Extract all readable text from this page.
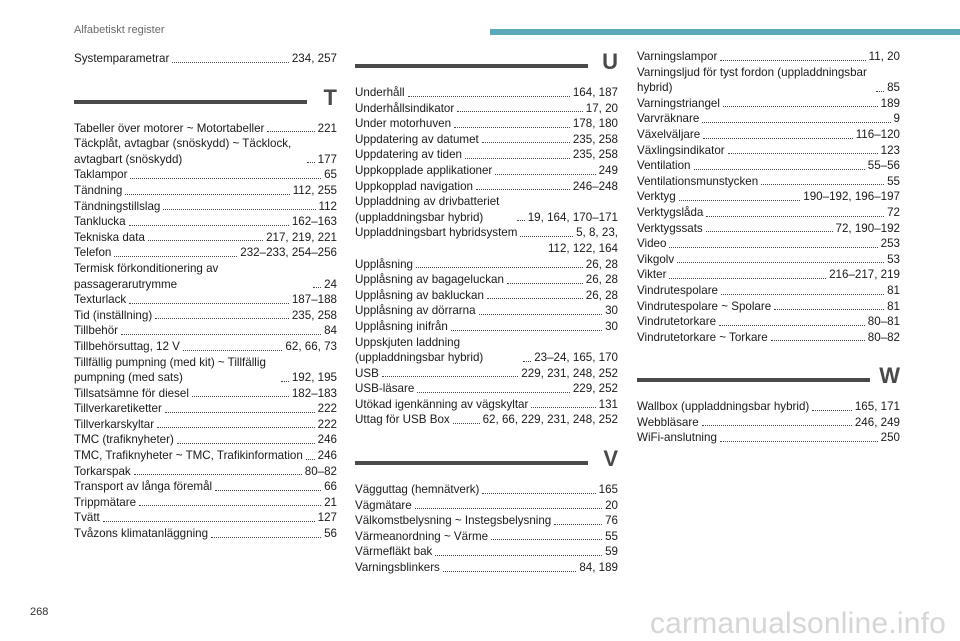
Alfabetiskt register
Systemparametrar	234, 257
T
Tabeller över motorer ~ Motortabeller	221
Täckplåt, avtagbar (snöskydd) ~ Täcklock, avtagbart (snöskydd)	177
Taklampor	65
Tändning	112, 255
Tändningstillslag	112
Tanklucka	162–163
Tekniska data	217, 219, 221
Telefon	232–233, 254–256
Termisk förkonditionering av passagerarutrymme	24
Texturlack	187–188
Tid (inställning)	235, 258
Tillbehör	84
Tillbehörsuttag, 12 V	62, 66, 73
Tillfällig pumpning (med kit) ~ Tillfällig pumpning (med sats)	192, 195
Tillsatsämne för diesel	182–183
Tillverkaretiketter	222
Tillverkarskyltar	222
TMC (trafiknyheter)	246
TMC, Trafiknyheter ~ TMC, Trafikinformation 246
Torkarspak	80–82
Transport av långa föremål	66
Trippmätare	21
Tvätt	127
Tvåzons klimatanläggning	56
U
Underhåll	164, 187
Underhållsindikator	17, 20
Under motorhuven	178, 180
Uppdatering av datumet	235, 258
Uppdatering av tiden	235, 258
Uppkopplade applikationer	249
Uppkopplad navigation	246–248
Uppladdning av drivbatteriet (uppladdningsbar hybrid)	19, 164, 170–171
Uppladdningsbart hybridsystem	5, 8, 23,
112, 122, 164
Upplåsning	26, 28
Upplåsning av bagageluckan	26, 28
Upplåsning av bakluckan	26, 28
Upplåsning av dörrarna	30
Upplåsning inifrån	30
Uppskjuten laddning (uppladdningsbar hybrid)	23–24, 165, 170
USB	229, 231, 248, 252
USB-läsare	229, 252
Utökad igenkänning av vägskyltar	131
Uttag för USB Box	62, 66, 229, 231, 248, 252
V
Vägguttag (hemnätverk)	165
Vägmätare	20
Välkomstbelysning ~ Instegsbelysning	76
Värmeanordning ~ Värme	55
Värmefläkt bak	59
Varningsblinkers	84, 189
Varningslampor	11, 20
Varningsljud för tyst fordon (uppladdningsbar hybrid)	85
Varningstriangel	189
Varvräknare	9
Växelväljare	116–120
Växlingsindikator	123
Ventilation	55–56
Ventilationsmunstycken	55
Verktyg	190–192, 196–197
Verktygslåda	72
Verktygssats	72, 190–192
Video	253
Vikgolv	53
Vikter	216–217, 219
Vindrutespolare	81
Vindrutespolare ~ Spolare	81
Vindrutetorkare	80–81
Vindrutetorkare ~ Torkare	80–82
W
Wallbox (uppladdningsbar hybrid)	165, 171
Webbläsare	246, 249
WiFi-anslutning	250
268	carmanualsonline.info
